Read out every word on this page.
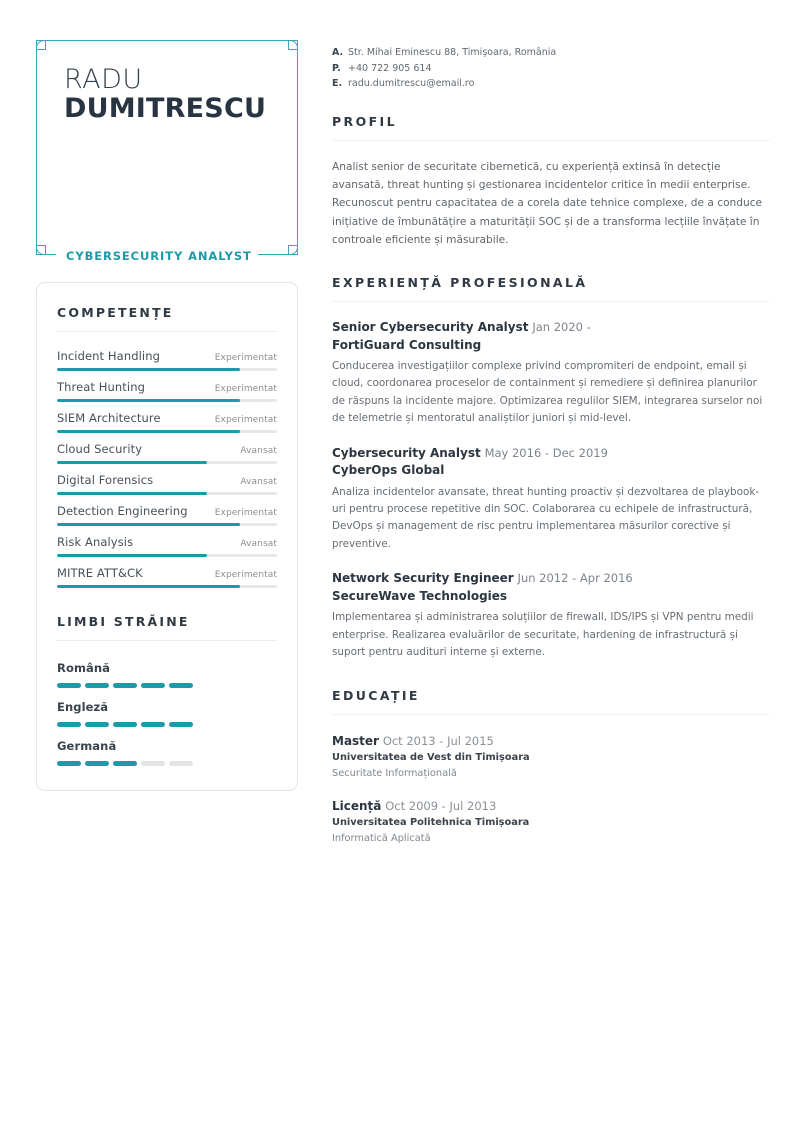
RADU
DUMITRESCU
CYBERSECURITY ANALYST
COMPETENȚE
Incident Handling	Experimentat
Threat Hunting	Experimentat
SIEM Architecture	Experimentat
Cloud Security	Avansat
Digital Forensics	Avansat
Detection Engineering	Experimentat
Risk Analysis	Avansat
MITRE ATT&CK	Experimentat
LIMBI STRĂINE
Română
Engleză
Germană
A. Str. Mihai Eminescu 88, Timișoara, România
P. +40 722 905 614
E. radu.dumitrescu@email.ro
PROFIL
Analist senior de securitate cibernetică, cu experiență extinsă în detecție avansată, threat hunting și gestionarea incidentelor critice în medii enterprise. Recunoscut pentru capacitatea de a corela date tehnice complexe, de a conduce inițiative de îmbunătățire a maturității SOC și de a transforma lecțiile învățate în controale eficiente și măsurabile.
EXPERIENȚĂ PROFESIONALĂ
Senior Cybersecurity Analyst Jan 2020 -
FortiGuard Consulting
Conducerea investigațiilor complexe privind compromiteri de endpoint, email și cloud, coordonarea proceselor de containment și remediere și definirea planurilor de răspuns la incidente majore. Optimizarea regulilor SIEM, integrarea surselor noi de telemetrie și mentoratul analiștilor juniori și mid-level.
Cybersecurity Analyst May 2016 - Dec 2019
CyberOps Global
Analiza incidentelor avansate, threat hunting proactiv și dezvoltarea de playbook-uri pentru procese repetitive din SOC. Colaborarea cu echipele de infrastructură, DevOps și management de risc pentru implementarea măsurilor corective și preventive.
Network Security Engineer Jun 2012 - Apr 2016
SecureWave Technologies
Implementarea și administrarea soluțiilor de firewall, IDS/IPS și VPN pentru medii enterprise. Realizarea evaluărilor de securitate, hardening de infrastructură și suport pentru audituri interne și externe.
EDUCAȚIE
Master Oct 2013 - Jul 2015
Universitatea de Vest din Timișoara
Securitate Informațională
Licență Oct 2009 - Jul 2013
Universitatea Politehnica Timișoara
Informatică Aplicată
